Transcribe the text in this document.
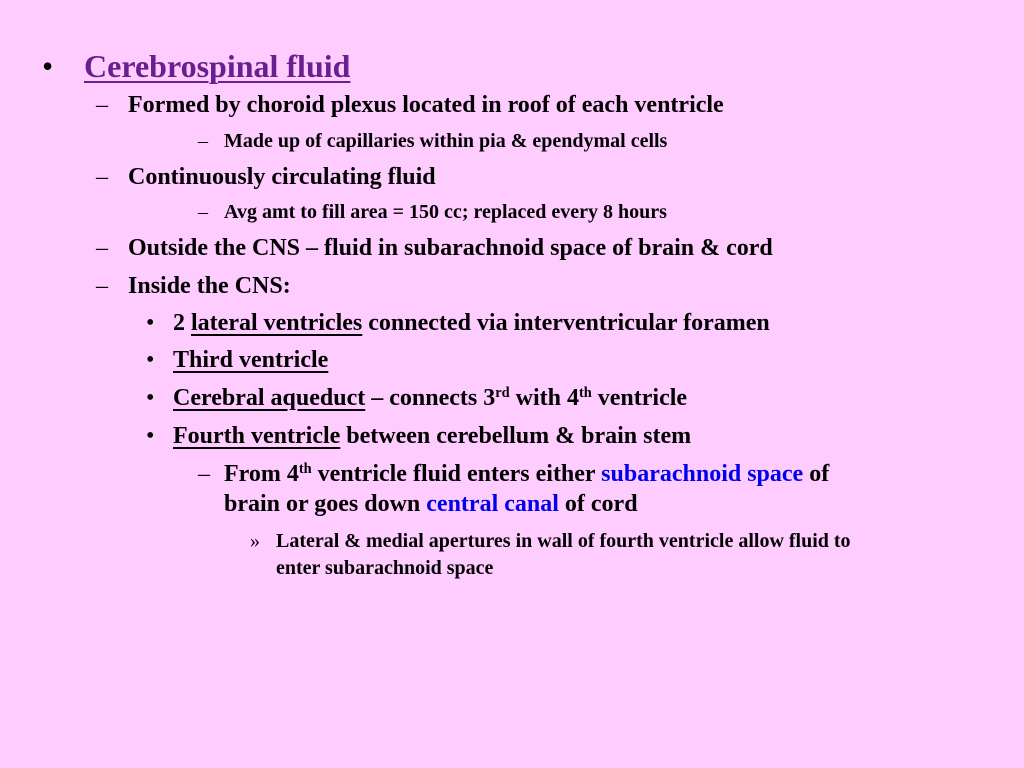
• Cerebrospinal fluid
– Formed by choroid plexus located in roof of each ventricle
– Made up of capillaries within pia & ependymal cells
– Continuously circulating fluid
– Avg amt to fill area = 150 cc; replaced every 8 hours
– Outside the CNS – fluid in subarachnoid space of brain & cord
– Inside the CNS:
• 2 lateral ventricles connected via interventricular foramen
• Third ventricle
• Cerebral aqueduct – connects 3rd with 4th ventricle
• Fourth ventricle between cerebellum & brain stem
– From 4th ventricle fluid enters either subarachnoid space of
brain or goes down central canal of cord
» Lateral & medial apertures in wall of fourth ventricle allow fluid to
enter subarachnoid space
